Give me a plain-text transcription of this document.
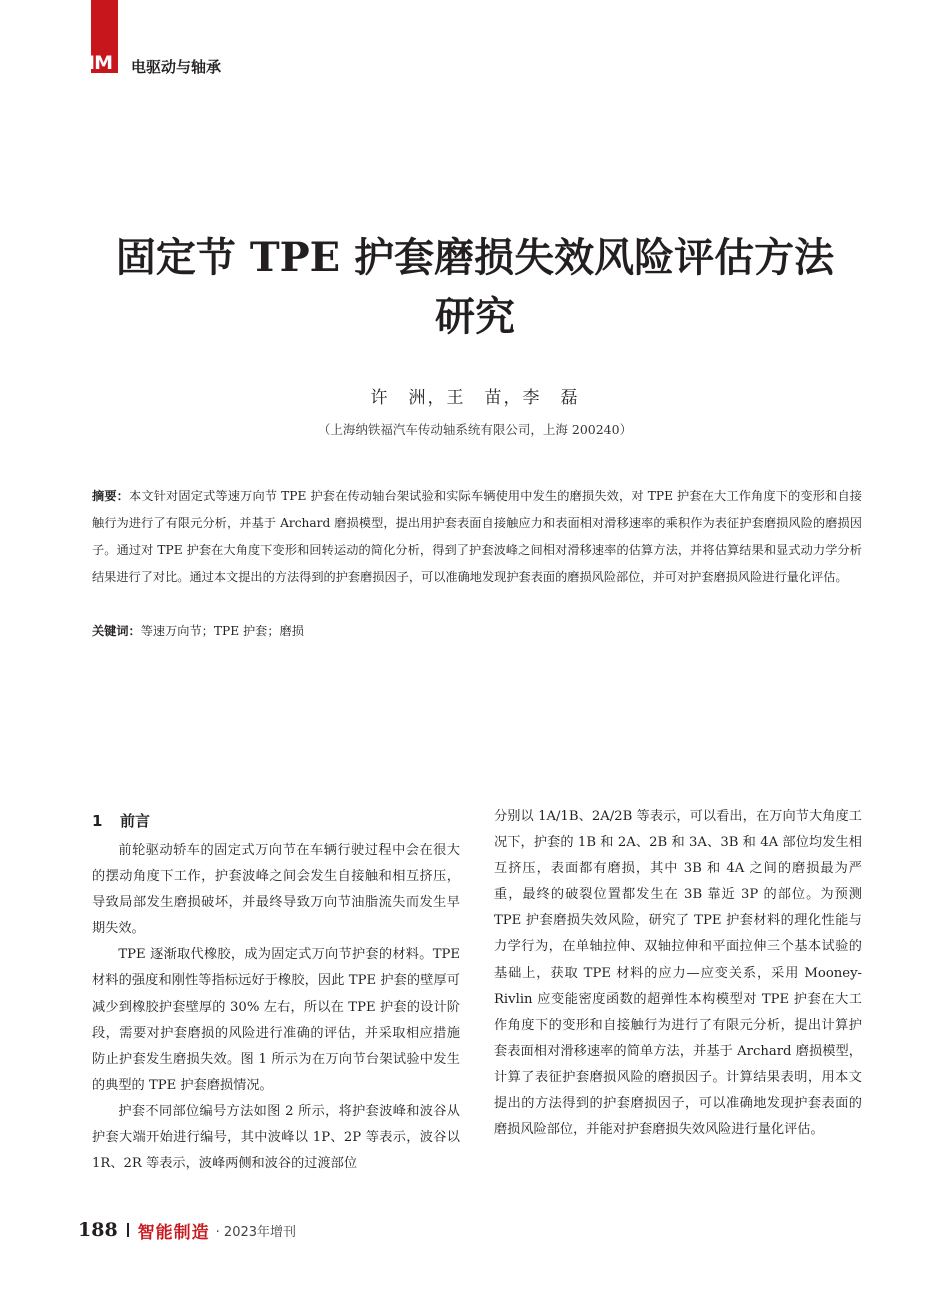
IM 电驱动与轴承
固定节 TPE 护套磨损失效风险评估方法
研究
许　洲，王　苗，李　磊
（上海纳铁福汽车传动轴系统有限公司，上海 200240）
摘要：本文针对固定式等速万向节 TPE 护套在传动轴台架试验和实际车辆使用中发生的磨损失效，对 TPE 护套在大工作角度下的变形和自接触行为进行了有限元分析，并基于 Archard 磨损模型，提出用护套表面自接触应力和表面相对滑移速率的乘积作为表征护套磨损风险的磨损因子。通过对 TPE 护套在大角度下变形和回转运动的简化分析，得到了护套波峰之间相对滑移速率的估算方法，并将估算结果和显式动力学分析结果进行了对比。通过本文提出的方法得到的护套磨损因子，可以准确地发现护套表面的磨损风险部位，并可对护套磨损风险进行量化评估。
关键词：等速万向节；TPE 护套；磨损
1 前言

前轮驱动轿车的固定式万向节在车辆行驶过程中会在很大的摆动角度下工作，护套波峰之间会发生自接触和相互挤压，导致局部发生磨损破坏，并最终导致万向节油脂流失而发生早期失效。

TPE 逐渐取代橡胶，成为固定式万向节护套的材料。TPE 材料的强度和刚性等指标远好于橡胶，因此 TPE 护套的壁厚可减少到橡胶护套壁厚的 30% 左右，所以在 TPE 护套的设计阶段，需要对护套磨损的风险进行准确的评估，并采取相应措施防止护套发生磨损失效。图 1 所示为在万向节台架试验中发生的典型的 TPE 护套磨损情况。

护套不同部位编号方法如图 2 所示，将护套波峰和波谷从护套大端开始进行编号，其中波峰以 1P、2P 等表示，波谷以 1R、2R 等表示，波峰两侧和波谷的过渡部位

分别以 1A/1B、2A/2B 等表示，可以看出，在万向节大角度工况下，护套的 1B 和 2A、2B 和 3A、3B 和 4A 部位均发生相互挤压，表面都有磨损，其中 3B 和 4A 之间的磨损最为严重，最终的破裂位置都发生在 3B 靠近 3P 的部位。为预测 TPE 护套磨损失效风险，研究了 TPE 护套材料的理化性能与力学行为，在单轴拉伸、双轴拉伸和平面拉伸三个基本试验的基础上，获取 TPE 材料的应力—应变关系，采用 Mooney-Rivlin 应变能密度函数的超弹性本构模型对 TPE 护套在大工作角度下的变形和自接触行为进行了有限元分析，提出计算护套表面相对滑移速率的简单方法，并基于 Archard 磨损模型，计算了表征护套磨损风险的磨损因子。计算结果表明，用本文提出的方法得到的护套磨损因子，可以准确地发现护套表面的磨损风险部位，并能对护套磨损失效风险进行量化评估。

188 智能制造 · 2023年增刊
